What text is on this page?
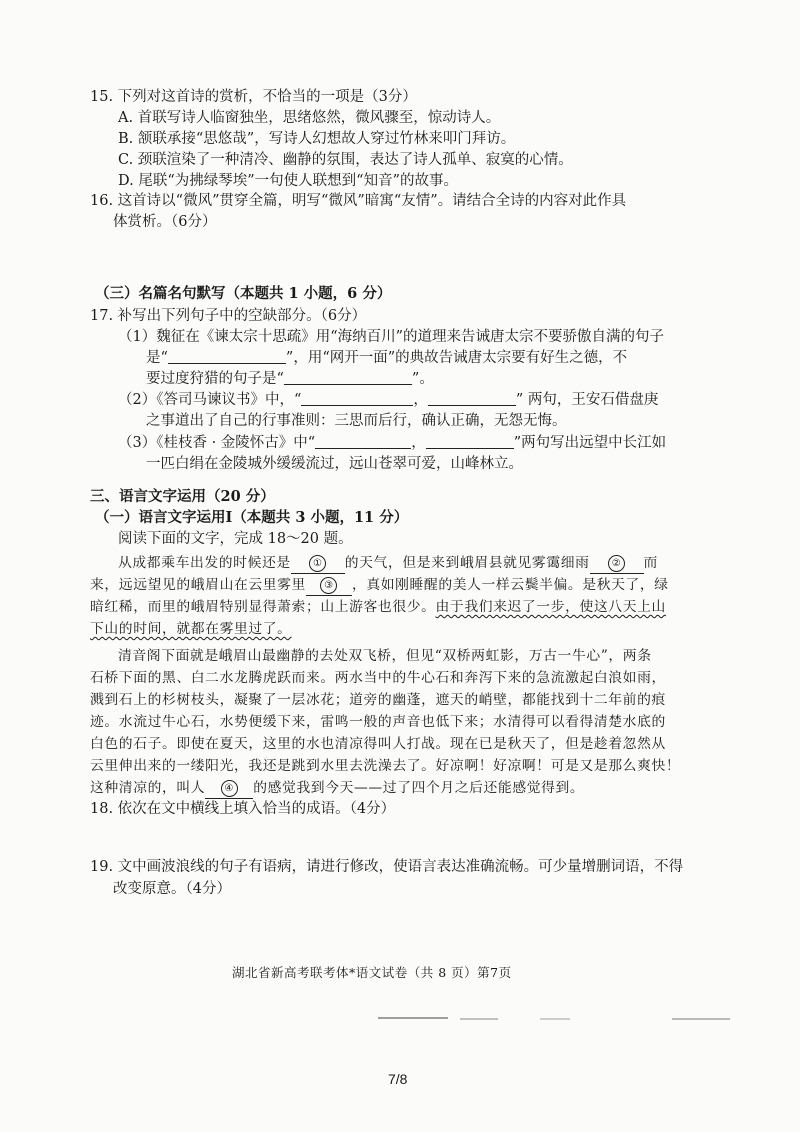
15. 下列对这首诗的赏析，不恰当的一项是（3分）
A. 首联写诗人临窗独坐，思绪悠然，微风骤至，惊动诗人。
B. 颔联承接“思悠哉”，写诗人幻想故人穿过竹林来叩门拜访。
C. 颈联渲染了一种清冷、幽静的氛围，表达了诗人孤单、寂寞的心情。
D. 尾联“为拂绿琴埃”一句使人联想到“知音”的故事。
16. 这首诗以“微风”贯穿全篇，明写“微风”暗寓“友情”。请结合全诗的内容对此作具
体赏析。（6分）
（三）名篇名句默写（本题共 1 小题，6 分）
17. 补写出下列句子中的空缺部分。（6分）
（1）魏征在《谏太宗十思疏》用“海纳百川”的道理来告诫唐太宗不要骄傲自满的句子
是“	”，用“网开一面”的典故告诫唐太宗要有好生之德，不
要过度狩猎的句子是“	”。
（2）《答司马谏议书》中，“	，	” 两句，王安石借盘庚
之事道出了自己的行事准则：三思而后行，确认正确，无怨无悔。
（3）《桂枝香 · 金陵怀古》中“	，	”两句写出远望中长江如
一匹白绢在金陵城外缓缓流过，远山苍翠可爱，山峰林立。
三、语言文字运用（20 分）
（一）语言文字运用Ⅰ（本题共 3 小题，11 分）
阅读下面的文字，完成 18～20 题。
从成都乘车出发的时候还是 ① 的天气，但是来到峨眉县就见雾霭细雨 ② 而
来，远远望见的峨眉山在云里雾里 ③ ，真如刚睡醒的美人一样云鬓半偏。是秋天了，绿
暗红稀，而里的峨眉特别显得萧索；山上游客也很少。由于我们来迟了一步，使这八天上山
下山的时间，就都在雾里过了。
清音阁下面就是峨眉山最幽静的去处双飞桥，但见“双桥两虹影，万古一牛心”，两条
石桥下面的黑、白二水龙腾虎跃而来。两水当中的牛心石和奔泻下来的急流激起白浪如雨，
溅到石上的杉树枝头，凝聚了一层冰花；道旁的幽蓬，遮天的峭壁，都能找到十二年前的痕
迹。水流过牛心石，水势便缓下来，雷鸣一般的声音也低下来；水清得可以看得清楚水底的
白色的石子。即使在夏天，这里的水也清凉得叫人打战。现在已是秋天了，但是趁着忽然从
云里伸出来的一缕阳光，我还是跳到水里去洗澡去了。好凉啊！好凉啊！可是又是那么爽快！
这种清凉的，叫人 ④ 的感觉我到今天——过了四个月之后还能感觉得到。
18. 依次在文中横线上填入恰当的成语。（4分）
19. 文中画波浪线的句子有语病，请进行修改，使语言表达准确流畅。可少量增删词语，不得
改变原意。（4分）
湖北省新高考联考体*语文试卷（共 8 页）第7页
7/8
